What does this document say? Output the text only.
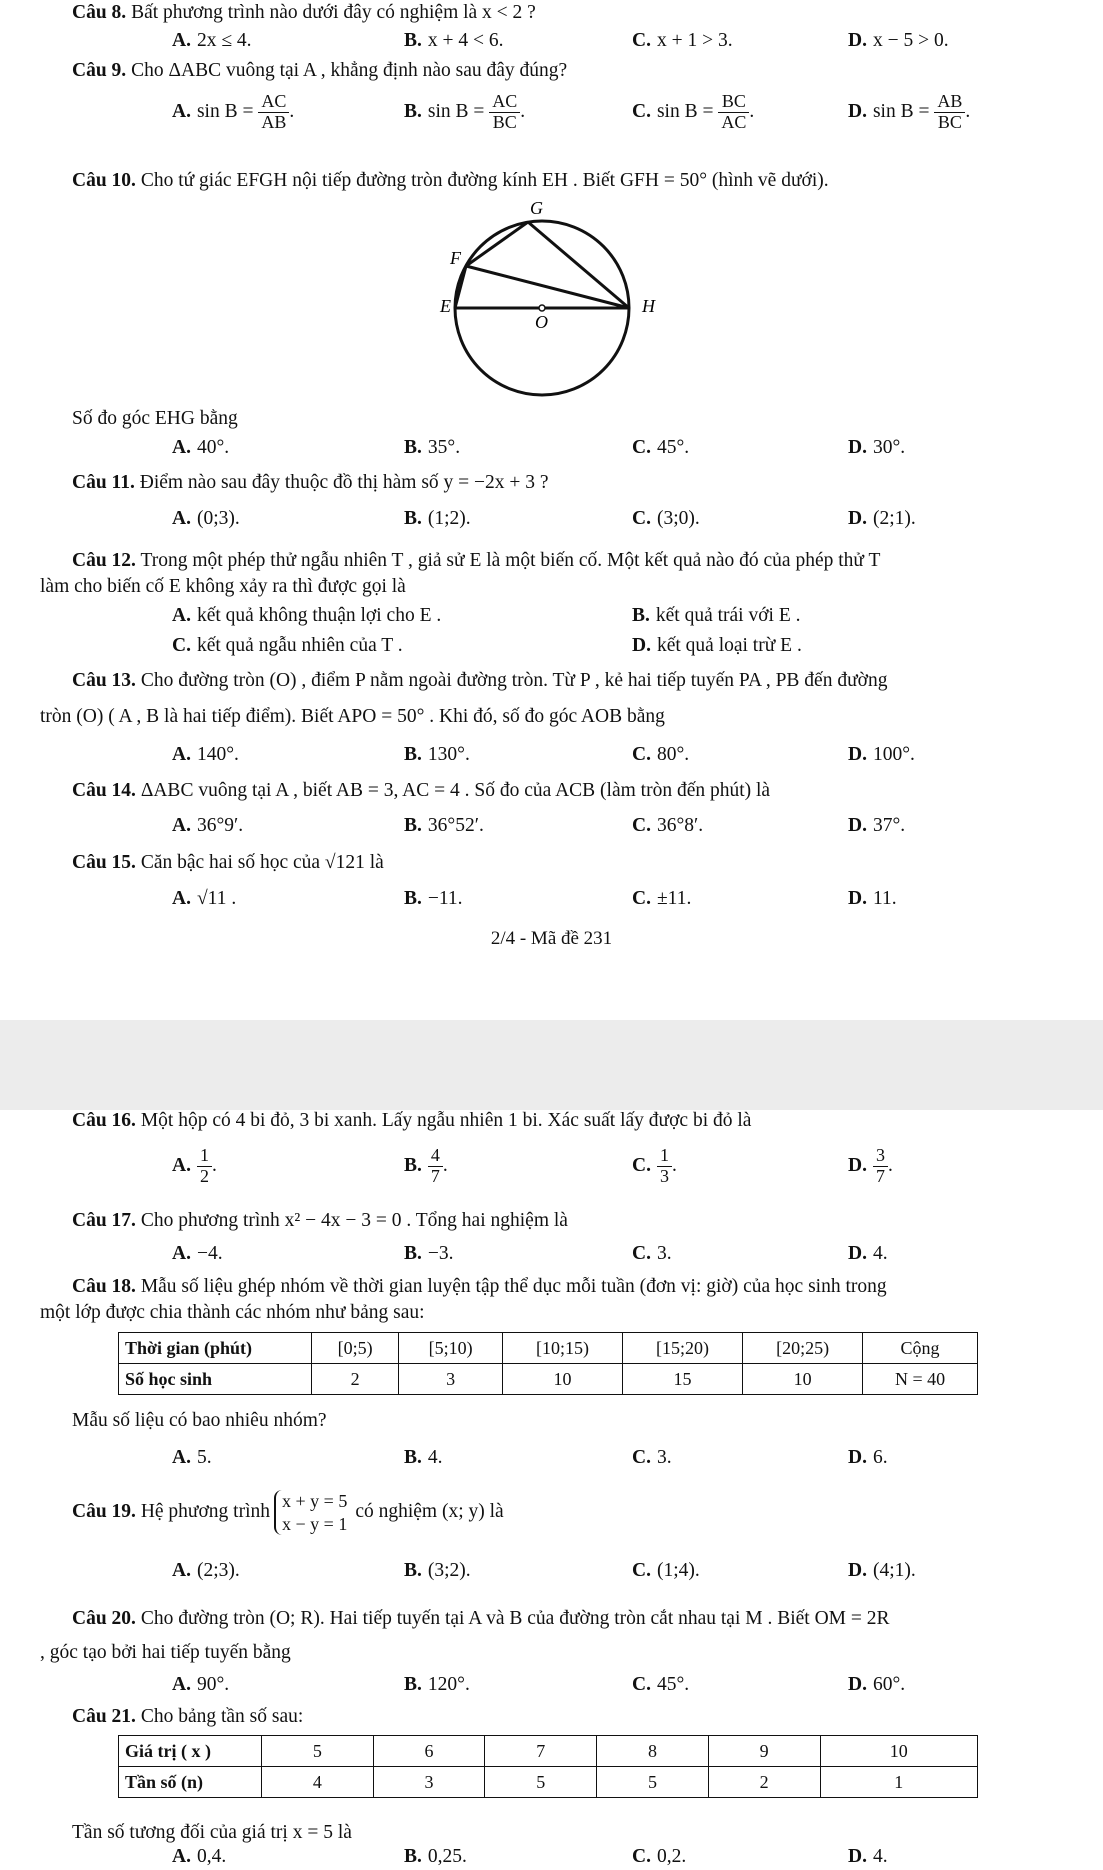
Câu 8. Bất phương trình nào dưới đây có nghiệm là x < 2 ?
A. 2x ≤ 4.	B. x + 4 < 6.	C. x + 1 > 3.	D. x − 5 > 0.
Câu 9. Cho ΔABC vuông tại A , khẳng định nào sau đây đúng?
A. $\sin B = \frac{AC}{AB}$ .	B. $\sin B = \frac{AC}{BC}$ .	C. $\sin B = \frac{BC}{AC}$ .	D. $\sin B = \frac{AB}{BC}$ .
Câu 10. Cho tứ giác EFGH nội tiếp đường tròn đường kính EH . Biết GFH = 50° (hình vẽ dưới).
G
F
E	H
O
Số đo góc EHG bằng
A. 40°.	B. 35°.	C. 45°.	D. 30°.
Câu 11. Điểm nào sau đây thuộc đồ thị hàm số y = −2x + 3 ?
A. (0;3).	B. (1;2).	C. (3;0).	D. (2;1).
Câu 12. Trong một phép thử ngẫu nhiên T , giả sử E là một biến cố. Một kết quả nào đó của phép thử T
làm cho biến cố E không xảy ra thì được gọi là
A. kết quả không thuận lợi cho E .	B. kết quả trái với E .
C. kết quả ngẫu nhiên của T .	D. kết quả loại trừ E .
Câu 13. Cho đường tròn (O) , điểm P nằm ngoài đường tròn. Từ P , kẻ hai tiếp tuyến PA , PB đến đường
tròn (O) ( A , B là hai tiếp điểm). Biết APO = 50° . Khi đó, số đo góc AOB bằng
A. 140°.	B. 130°.	C. 80°.	D. 100°.
Câu 14. ΔABC vuông tại A , biết AB = 3, AC = 4 . Số đo của ACB (làm tròn đến phút) là
A. 36°9′.	B. 36°52′.	C. 36°8′.	D. 37°.
Câu 15. Căn bậc hai số học của √121 là
A. √11 .	B. −11.	C. ±11.	D. 11.
2/4 - Mã đề 231
Câu 16. Một hộp có 4 bi đỏ, 3 bi xanh. Lấy ngẫu nhiên 1 bi. Xác suất lấy được bi đỏ là
A. $\frac{1}{2}$ .	B. $\frac{4}{7}$ .	C. $\frac{1}{3}$ .	D. $\frac{3}{7}$ .
Câu 17. Cho phương trình x² − 4x − 3 = 0 . Tổng hai nghiệm là
A. −4.	B. −3.	C. 3.	D. 4.
Câu 18. Mẫu số liệu ghép nhóm về thời gian luyện tập thể dục mỗi tuần (đơn vị: giờ) của học sinh trong
một lớp được chia thành các nhóm như bảng sau:
Thời gian (phút)	[0;5)	[5;10)	[10;15)	[15;20)	[20;25)	Cộng
Số học sinh	2	3	10	15	10	N = 40
Mẫu số liệu có bao nhiêu nhóm?
A. 5.	B. 4.	C. 3.	D. 6.
Câu 19. Hệ phương trình x + y = 5
x − y = 1
có nghiệm (x; y) là
A. (2;3).	B. (3;2).	C. (1;4).	D. (4;1).
Câu 20. Cho đường tròn (O; R). Hai tiếp tuyến tại A và B của đường tròn cắt nhau tại M . Biết OM = 2R
, góc tạo bởi hai tiếp tuyến bằng
A. 90°.	B. 120°.	C. 45°.	D. 60°.
Câu 21. Cho bảng tần số sau:
Giá trị ( x )	5	6	7	8	9	10
Tần số (n)	4	3	5	5	2	1
Tần số tương đối của giá trị x = 5 là
A. 0,4.	B. 0,25.	C. 0,2.	D. 4.
